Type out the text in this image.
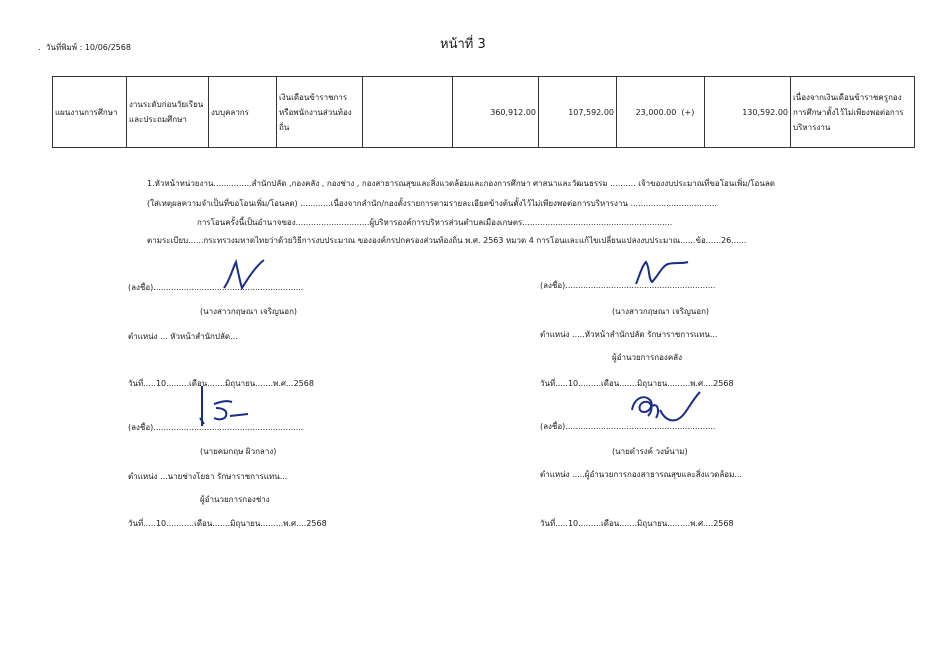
. วันที่พิมพ์ : 10/06/2568	หน้าที่ 3
แผนงานการศึกษา	งานระดับก่อนวัยเรียนและประถมศึกษา	งบบุคลากร	เงินเดือนข้าราชการ หรือพนักงานส่วนท้องถิ่น		360,912.00	107,592.00	23,000.00 (+)	130,592.00	เนื่องจากเงินเดือนข้าราชครูกองการศึกษาตั้งไว้ไม่เพียงพอต่อการบริหารงาน
1.หัวหน้าหน่วยงาน...............สำนักปลัด ,กองคลัง , กองช่าง , กองสาธารณสุขและสิ่งแวดล้อมและกองการศึกษา ศาสนาและวัฒนธรรม .......... เจ้าของงบประมาณที่ขอโอนเพิ่ม/โอนลด
(ใส่เหตุผลความจำเป็นที่ขอโอนเพิ่ม/โอนลด) ............เนื่องจากสำนัก/กองตั้งรายการตามรายละเอียดข้างต้นตั้งไว้ไม่เพียงพอต่อการบริหารงาน ..................................
การโอนครั้งนี้เป็นอำนาจของ.............................ผู้บริหารองค์การบริหารส่วนตำบลเมืองเกษตร...........................................................
ตามระเบียบ......กระทรวงมหาดไทยว่าด้วยวิธีการงบประมาณ ขององค์กรปกครองส่วนท้องถิ่น พ.ศ. 2563 หมวด 4 การโอนและแก้ไขเปลี่ยนแปลงงบประมาณ......ข้อ......26......
(ลงชื่อ)...........................................................
(นางสาวกฤษณา เจริญนอก)
ตำแหน่ง ... หัวหน้าสำนักปลัด...
วันที่.....10.........เดือน.......มิถุนายน.......พ.ศ...2568
(ลงชื่อ)...........................................................
(นางสาวกฤษณา เจริญนอก)
ตำแหน่ง .....หัวหน้าสำนักปลัด รักษาราชการแทน...
ผู้อำนวยการกองคลัง
วันที่.....10.........เดือน.......มิถุนายน.........พ.ศ....2568
(ลงชื่อ)...........................................................
(นายคมกฤษ ผิวกลาง)
ตำแหน่ง ...นายช่างโยธา รักษาราชการแทน...
ผู้อำนวยการกองช่าง
วันที่.....10...........เดือน.......มิถุนายน.........พ.ศ....2568
(ลงชื่อ)...........................................................
(นายดำรงค์ วงษ์นาม)
ตำแหน่ง .....ผู้อำนวยการกองสาธารณสุขและสิ่งแวดล้อม...
วันที่.....10.........เดือน.......มิถุนายน.........พ.ศ....2568
